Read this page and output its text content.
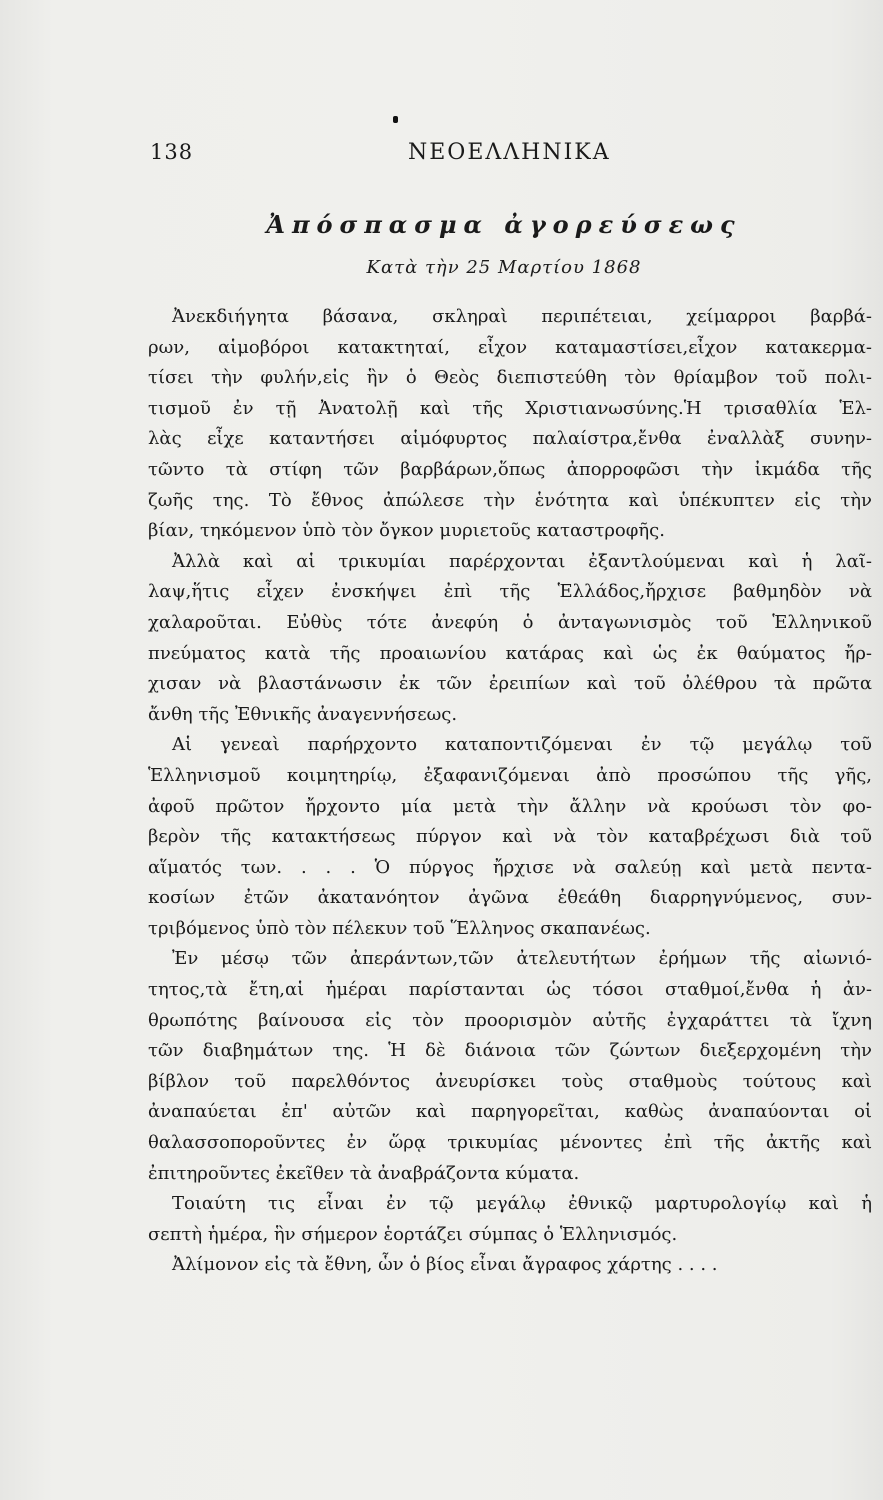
138	ΝΕΟΕΛΛΗΝΙΚΑ
Ἀπόσπασμα ἀγορεύσεως
Κατὰ τὴν 25 Μαρτίου 1868
Ἀνεκδιήγητα βάσανα, σκληραὶ περιπέτειαι, χείμαρροι βαρβά-
ρων, αἱμοβόροι κατακτηταί, εἶχον καταμαστίσει,εἶχον κατακερμα-
τίσει τὴν φυλήν,εἰς ἣν ὁ Θεὸς διεπιστεύθη τὸν θρίαμβον τοῦ πολι-
τισμοῦ ἐν τῇ Ἀνατολῇ καὶ τῆς Χριστιανωσύνης.Ἡ τρισαθλία Ἑλ-
λὰς εἶχε καταντήσει αἱμόφυρτος παλαίστρα,ἔνθα ἐναλλὰξ συνην-
τῶντο τὰ στίφη τῶν βαρβάρων,ὅπως ἀπορροφῶσι τὴν ἰκμάδα τῆς
ζωῆς της. Τὸ ἔθνος ἀπώλεσε τὴν ἑνότητα καὶ ὑπέκυπτεν εἰς τὴν
βίαν, τηκόμενον ὑπὸ τὸν ὄγκον μυριετοῦς καταστροφῆς.
Ἀλλὰ καὶ αἱ τρικυμίαι παρέρχονται ἐξαντλούμεναι καὶ ἡ λαῖ-
λαψ,ἥτις εἶχεν ἐνσκήψει ἐπὶ τῆς Ἑλλάδος,ἤρχισε βαθμηδὸν νὰ
χαλαροῦται. Εὐθὺς τότε ἀνεφύη ὁ ἀνταγωνισμὸς τοῦ Ἑλληνικοῦ
πνεύματος κατὰ τῆς προαιωνίου κατάρας καὶ ὡς ἐκ θαύματος ἤρ-
χισαν νὰ βλαστάνωσιν ἐκ τῶν ἐρειπίων καὶ τοῦ ὀλέθρου τὰ πρῶτα
ἄνθη τῆς Ἐθνικῆς ἀναγεννήσεως.
Αἱ γενεαὶ παρήρχοντο καταποντιζόμεναι ἐν τῷ μεγάλῳ τοῦ
Ἑλληνισμοῦ κοιμητηρίῳ, ἐξαφανιζόμεναι ἀπὸ προσώπου τῆς γῆς,
ἀφοῦ πρῶτον ἤρχοντο μία μετὰ τὴν ἄλλην νὰ κρούωσι τὸν φο-
βερὸν τῆς κατακτήσεως πύργον καὶ νὰ τὸν καταβρέχωσι διὰ τοῦ
αἵματός των. . . . Ὁ πύργος ἤρχισε νὰ σαλεύῃ καὶ μετὰ πεντα-
κοσίων ἐτῶν ἀκατανόητον ἀγῶνα ἐθεάθη διαρρηγνύμενος, συν-
τριβόμενος ὑπὸ τὸν πέλεκυν τοῦ Ἕλληνος σκαπανέως.
Ἐν μέσῳ τῶν ἀπεράντων,τῶν ἀτελευτήτων ἐρήμων τῆς αἰωνιό-
τητος,τὰ ἔτη,αἱ ἡμέραι παρίστανται ὡς τόσοι σταθμοί,ἔνθα ἡ ἀν-
θρωπότης βαίνουσα εἰς τὸν προορισμὸν αὐτῆς ἐγχαράττει τὰ ἴχνη
τῶν διαβημάτων της. Ἡ δὲ διάνοια τῶν ζώντων διεξερχομένη τὴν
βίβλον τοῦ παρελθόντος ἀνευρίσκει τοὺς σταθμοὺς τούτους καὶ
ἀναπαύεται ἐπ' αὐτῶν καὶ παρηγορεῖται, καθὼς ἀναπαύονται οἱ
θαλασσοποροῦντες ἐν ὥρᾳ τρικυμίας μένοντες ἐπὶ τῆς ἀκτῆς καὶ
ἐπιτηροῦντες ἐκεῖθεν τὰ ἀναβράζοντα κύματα.
Τοιαύτη τις εἶναι ἐν τῷ μεγάλῳ ἐθνικῷ μαρτυρολογίῳ καὶ ἡ
σεπτὴ ἡμέρα, ἣν σήμερον ἑορτάζει σύμπας ὁ Ἑλληνισμός.
Ἀλίμονον εἰς τὰ ἔθνη, ὧν ὁ βίος εἶναι ἄγραφος χάρτης . . . .
